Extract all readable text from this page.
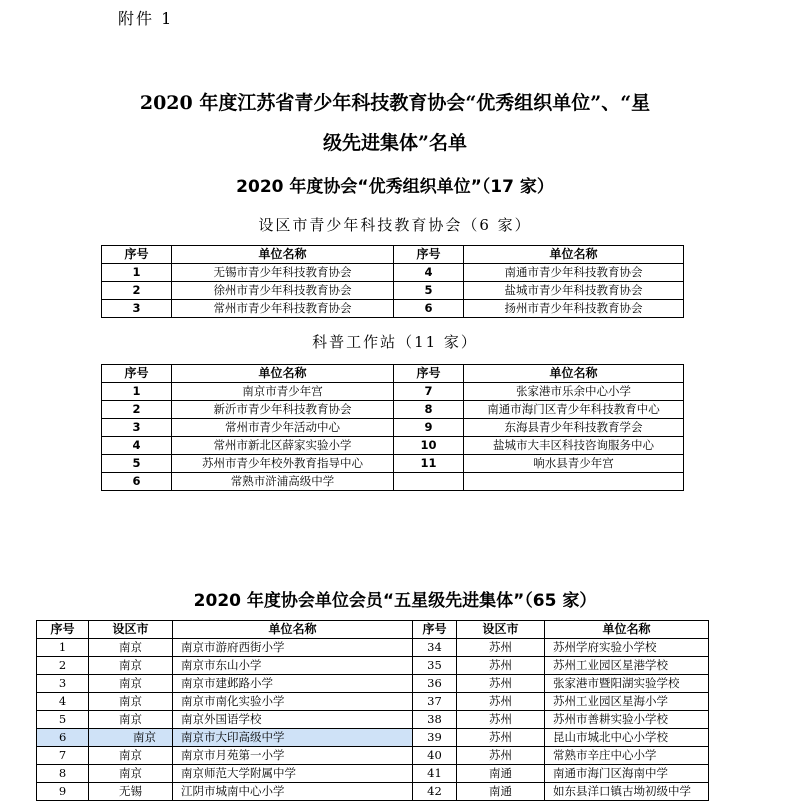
附件 1
2020 年度江苏省青少年科技教育协会“优秀组织单位”、“星
级先进集体”名单
2020 年度协会“优秀组织单位”（17 家）
设区市青少年科技教育协会（6 家）
序号	单位名称	序号	单位名称
1	无锡市青少年科技教育协会	4	南通市青少年科技教育协会
2	徐州市青少年科技教育协会	5	盐城市青少年科技教育协会
3	常州市青少年科技教育协会	6	扬州市青少年科技教育协会
科普工作站（11 家）
序号	单位名称	序号	单位名称
1	南京市青少年宫	7	张家港市乐余中心小学
2	新沂市青少年科技教育协会	8	南通市海门区青少年科技教育中心
3	常州市青少年活动中心	9	东海县青少年科技教育学会
4	常州市新北区薛家实验小学	10	盐城市大丰区科技咨询服务中心
5	苏州市青少年校外教育指导中心	11	响水县青少年宫
6	常熟市浒浦高级中学		
2020 年度协会单位会员“五星级先进集体”（65 家）
序号	设区市	单位名称	序号	设区市	单位名称
1	南京	南京市游府西街小学	34	苏州	苏州学府实验小学校
2	南京	南京市东山小学	35	苏州	苏州工业园区星港学校
3	南京	南京市建邺路小学	36	苏州	张家港市暨阳湖实验学校
4	南京	南京市南化实验小学	37	苏州	苏州工业园区星海小学
5	南京	南京外国语学校	38	苏州	苏州市善耕实验小学校
6	南京	南京市大印高级中学	39	苏州	昆山市城北中心小学校
7	南京	南京市月苑第一小学	40	苏州	常熟市辛庄中心小学
8	南京	南京师范大学附属中学	41	南通	南通市海门区海南中学
9	无锡	江阴市城南中心小学	42	南通	如东县洋口镇古坳初级中学
